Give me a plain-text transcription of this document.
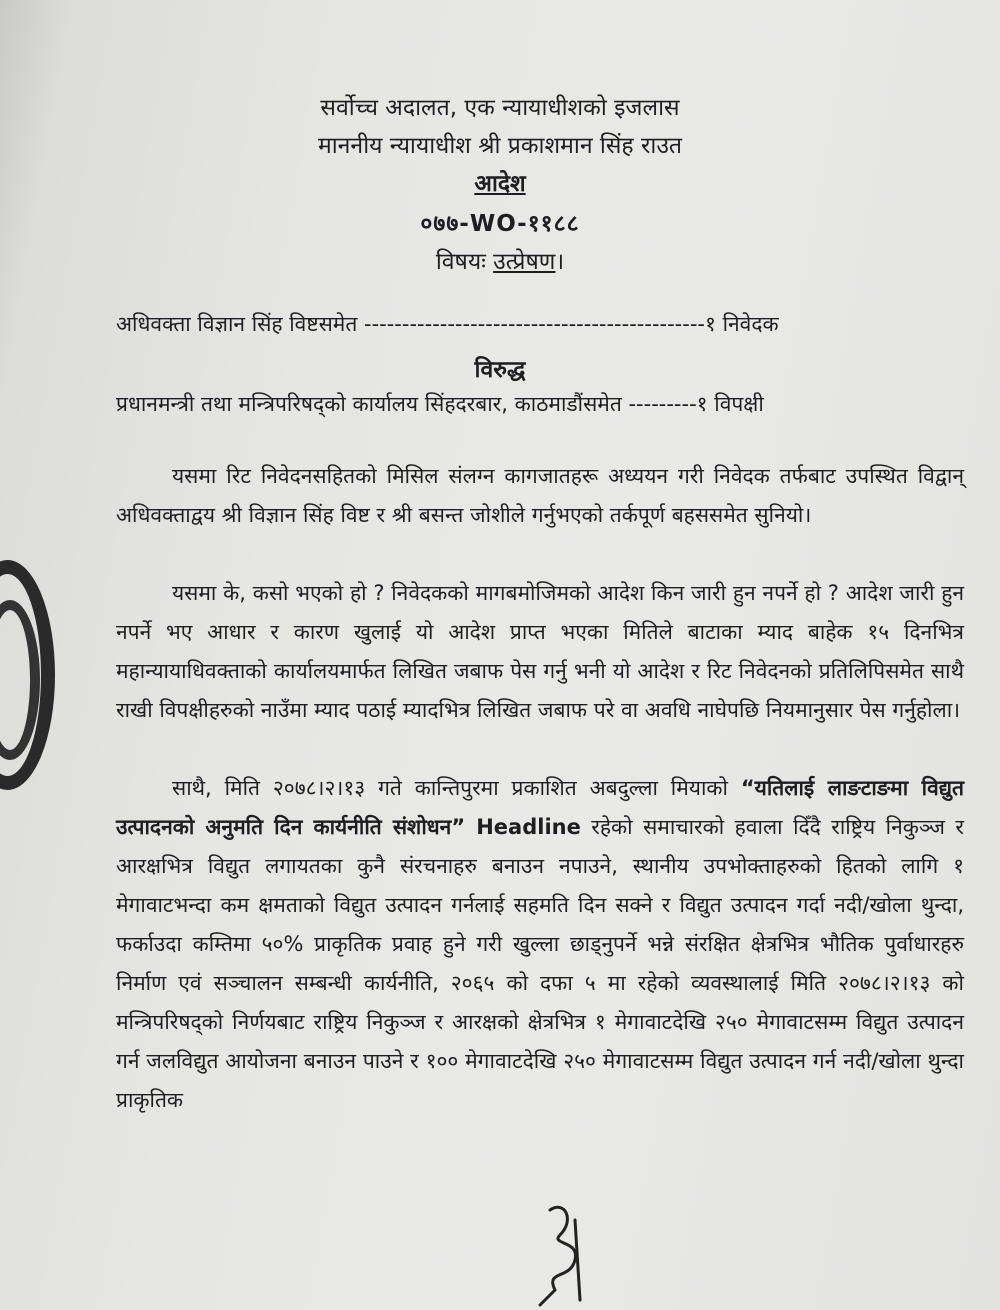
सर्वोच्च अदालत, एक न्यायाधीशको इजलास
माननीय न्यायाधीश श्री प्रकाशमान सिंह राउत
आदेश
०७७-WO-११८८
विषयः उत्प्रेषण।
अधिवक्ता विज्ञान सिंह विष्टसमेत ---------------------------------------------१ निवेदक
विरुद्ध
प्रधानमन्त्री तथा मन्त्रिपरिषद्को कार्यालय सिंहदरबार, काठमाडौंसमेत ---------१ विपक्षी
यसमा रिट निवेदनसहितको मिसिल संलग्न कागजातहरू अध्ययन गरी निवेदक तर्फबाट उपस्थित विद्वान् अधिवक्ताद्वय श्री विज्ञान सिंह विष्ट र श्री बसन्त जोशीले गर्नुभएको तर्कपूर्ण बहससमेत सुनियो।
यसमा के, कसो भएको हो ? निवेदकको मागबमोजिमको आदेश किन जारी हुन नपर्ने हो ? आदेश जारी हुन नपर्ने भए आधार र कारण खुलाई यो आदेश प्राप्त भएका मितिले बाटाका म्याद बाहेक १५ दिनभित्र महान्यायाधिवक्ताको कार्यालयमार्फत लिखित जबाफ पेस गर्नु भनी यो आदेश र रिट निवेदनको प्रतिलिपिसमेत साथै राखी विपक्षीहरुको नाउँमा म्याद पठाई म्यादभित्र लिखित जबाफ परे वा अवधि नाघेपछि नियमानुसार पेस गर्नुहोला।
साथै, मिति २०७८।२।१३ गते कान्तिपुरमा प्रकाशित अबदुल्ला मियाको “यतिलाई लाङटाङमा विद्युत उत्पादनको अनुमति दिन कार्यनीति संशोधन” Headline रहेको समाचारको हवाला दिँदै राष्ट्रिय निकुञ्ज र आरक्षभित्र विद्युत लगायतका कुनै संरचनाहरु बनाउन नपाउने, स्थानीय उपभोक्ताहरुको हितको लागि १ मेगावाटभन्दा कम क्षमताको विद्युत उत्पादन गर्नलाई सहमति दिन सक्ने र विद्युत उत्पादन गर्दा नदी/खोला थुन्दा, फर्काउदा कम्तिमा ५०% प्राकृतिक प्रवाह हुने गरी खुल्ला छाड्नुपर्ने भन्ने संरक्षित क्षेत्रभित्र भौतिक पुर्वाधारहरु निर्माण एवं सञ्चालन सम्बन्धी कार्यनीति, २०६५ को दफा ५ मा रहेको व्यवस्थालाई मिति २०७८।२।१३ को मन्त्रिपरिषद्को निर्णयबाट राष्ट्रिय निकुञ्ज र आरक्षको क्षेत्रभित्र १ मेगावाटदेखि २५० मेगावाटसम्म विद्युत उत्पादन गर्न जलविद्युत आयोजना बनाउन पाउने र १०० मेगावाटदेखि २५० मेगावाटसम्म विद्युत उत्पादन गर्न नदी/खोला थुन्दा प्राकृतिक
